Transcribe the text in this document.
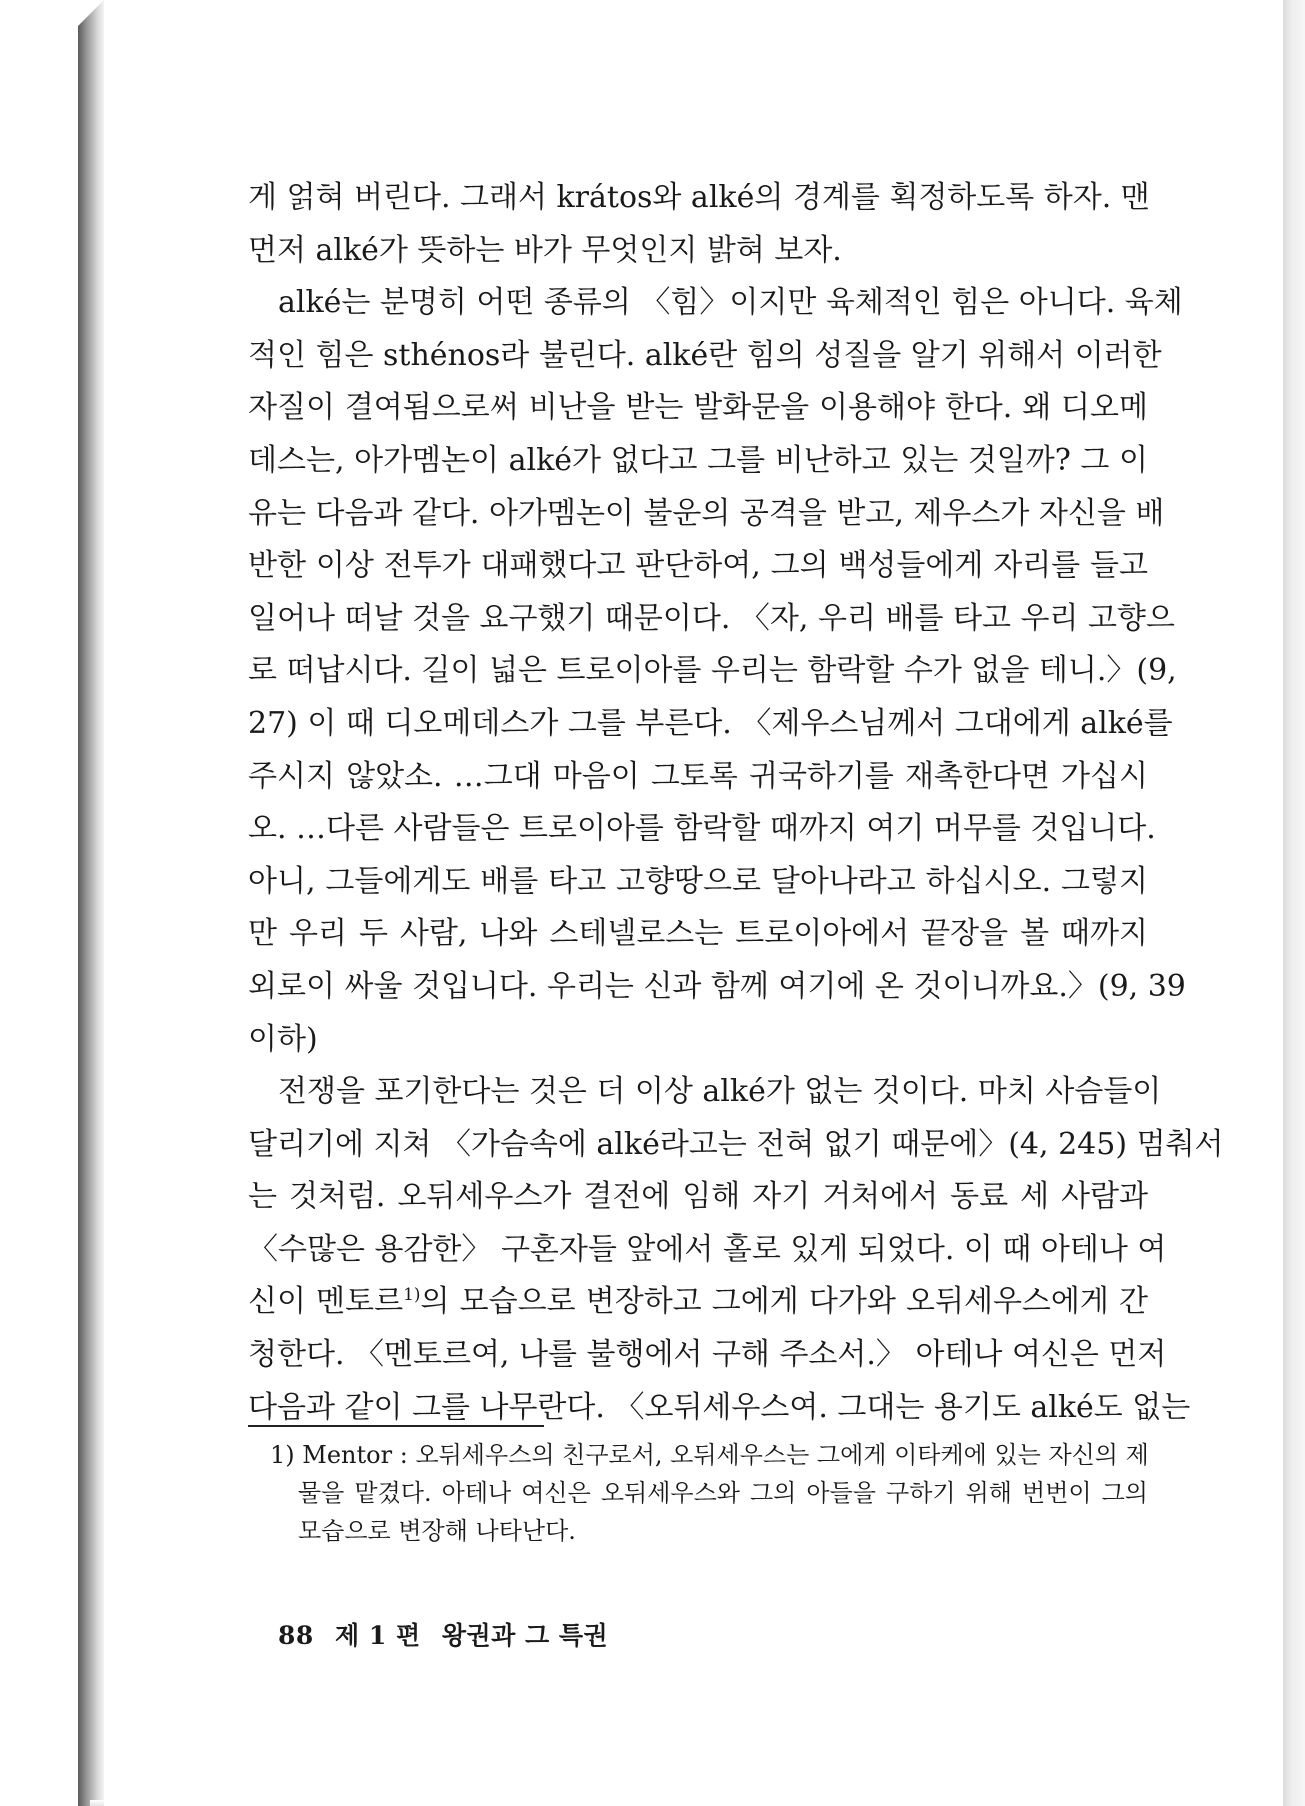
게 얽혀 버린다. 그래서 krátos와 alké의 경계를 획정하도록 하자. 맨

먼저 alké가 뜻하는 바가 무엇인지 밝혀 보자.

alké는 분명히 어떤 종류의 〈힘〉이지만 육체적인 힘은 아니다. 육체

적인 힘은 sthénos라 불린다. alké란 힘의 성질을 알기 위해서 이러한

자질이 결여됨으로써 비난을 받는 발화문을 이용해야 한다. 왜 디오메

데스는, 아가멤논이 alké가 없다고 그를 비난하고 있는 것일까? 그 이

유는 다음과 같다. 아가멤논이 불운의 공격을 받고, 제우스가 자신을 배

반한 이상 전투가 대패했다고 판단하여, 그의 백성들에게 자리를 들고

일어나 떠날 것을 요구했기 때문이다. 〈자, 우리 배를 타고 우리 고향으

로 떠납시다. 길이 넓은 트로이아를 우리는 함락할 수가 없을 테니.〉(9,

27) 이 때 디오메데스가 그를 부른다. 〈제우스님께서 그대에게 alké를

주시지 않았소. …그대 마음이 그토록 귀국하기를 재촉한다면 가십시

오. …다른 사람들은 트로이아를 함락할 때까지 여기 머무를 것입니다.

아니, 그들에게도 배를 타고 고향땅으로 달아나라고 하십시오. 그렇지

만 우리 두 사람, 나와 스테넬로스는 트로이아에서 끝장을 볼 때까지

외로이 싸울 것입니다. 우리는 신과 함께 여기에 온 것이니까요.〉(9, 39

이하)

전쟁을 포기한다는 것은 더 이상 alké가 없는 것이다. 마치 사슴들이

달리기에 지쳐 〈가슴속에 alké라고는 전혀 없기 때문에〉(4, 245) 멈춰서

는 것처럼. 오뒤세우스가 결전에 임해 자기 거처에서 동료 세 사람과

〈수많은 용감한〉 구혼자들 앞에서 홀로 있게 되었다. 이 때 아테나 여

신이 멘토르$^{1)}$의 모습으로 변장하고 그에게 다가와 오뒤세우스에게 간

청한다. 〈멘토르여, 나를 불행에서 구해 주소서.〉 아테나 여신은 먼저

다음과 같이 그를 나무란다. 〈오뒤세우스여. 그대는 용기도 alké도 없는

1) Mentor : 오뒤세우스의 친구로서, 오뒤세우스는 그에게 이타케에 있는 자신의 제

물을 맡겼다. 아테나 여신은 오뒤세우스와 그의 아들을 구하기 위해 번번이 그의

모습으로 변장해 나타난다.

88 제 1 편 왕권과 그 특권
